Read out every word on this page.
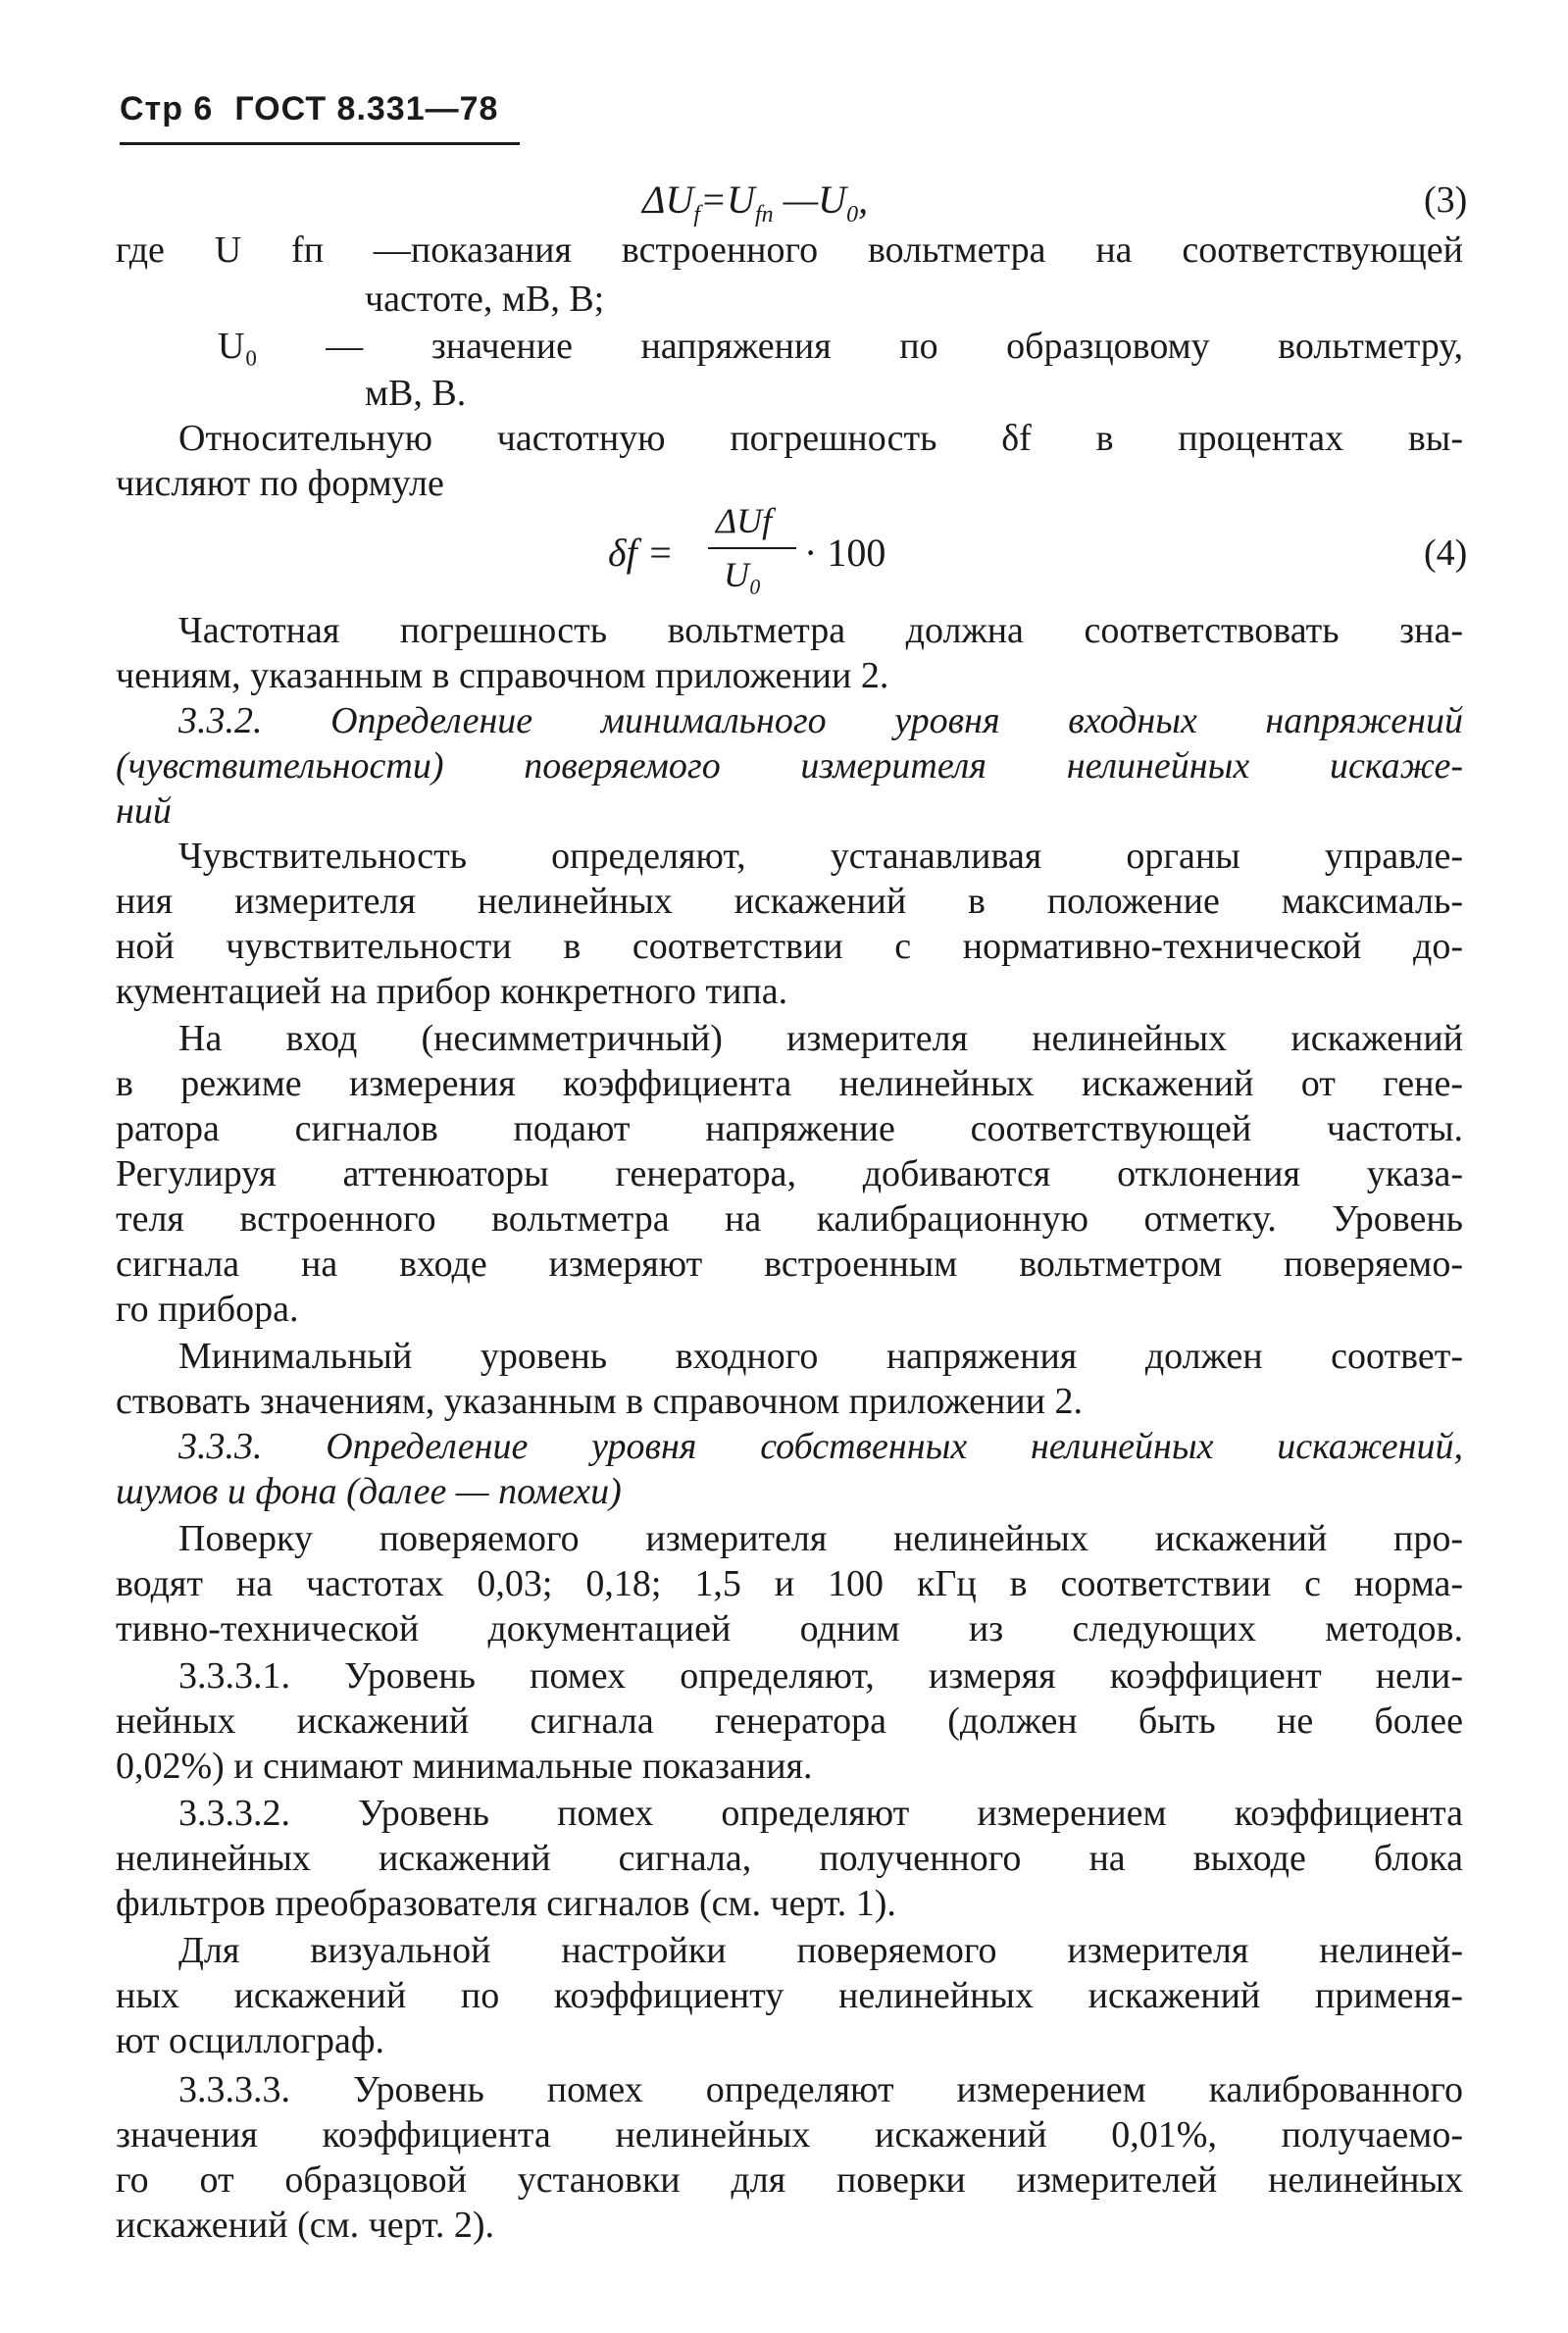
Стр 6 ГОСТ 8.331—78
$\Delta U_f=U_{fп}$ $—U_0$,	(3)
где U fп —показания встроенного вольтметра на соответствующей
частоте, мВ, В;
U₀ — значение напряжения по образцовому вольтметру,
мВ, В.
Относительную частотную погрешность δf в процентах вы-
числяют по формуле
δf =
ΔUf
U₀ · 100	(4)
Частотная погрешность вольтметра должна соответствовать зна-
чениям, указанным в справочном приложении 2.
3.3.2. Определение минимального уровня входных напряжений
(чувствительности) поверяемого измерителя нелинейных искаже-
ний
Чувствительность определяют, устанавливая органы управле-
ния измерителя нелинейных искажений в положение максималь-
ной чувствительности в соответствии с нормативно-технической до-
кументацией на прибор конкретного типа.
На вход (несимметричный) измерителя нелинейных искажений
в режиме измерения коэффициента нелинейных искажений от гене-
ратора сигналов подают напряжение соответствующей частоты.
Регулируя аттенюаторы генератора, добиваются отклонения указа-
теля встроенного вольтметра на калибрационную отметку. Уровень
сигнала на входе измеряют встроенным вольтметром поверяемо-
го прибора.
Минимальный уровень входного напряжения должен соответ-
ствовать значениям, указанным в справочном приложении 2.
3.3.3. Определение уровня собственных нелинейных искажений,
шумов и фона (далее — помехи)
Поверку поверяемого измерителя нелинейных искажений про-
водят на частотах 0,03; 0,18; 1,5 и 100 кГц в соответствии с норма-
тивно-технической документацией одним из следующих методов.
3.3.3.1. Уровень помех определяют, измеряя коэффициент нели-
нейных искажений сигнала генератора (должен быть не более
0,02%) и снимают минимальные показания.
3.3.3.2. Уровень помех определяют измерением коэффициента
нелинейных искажений сигнала, полученного на выходе блока
фильтров преобразователя сигналов (см. черт. 1).
Для визуальной настройки поверяемого измерителя нелиней-
ных искажений по коэффициенту нелинейных искажений применя-
ют осциллограф.
3.3.3.3. Уровень помех определяют измерением калиброванного
значения коэффициента нелинейных искажений 0,01%, получаемо-
го от образцовой установки для поверки измерителей нелинейных
искажений (см. черт. 2).
